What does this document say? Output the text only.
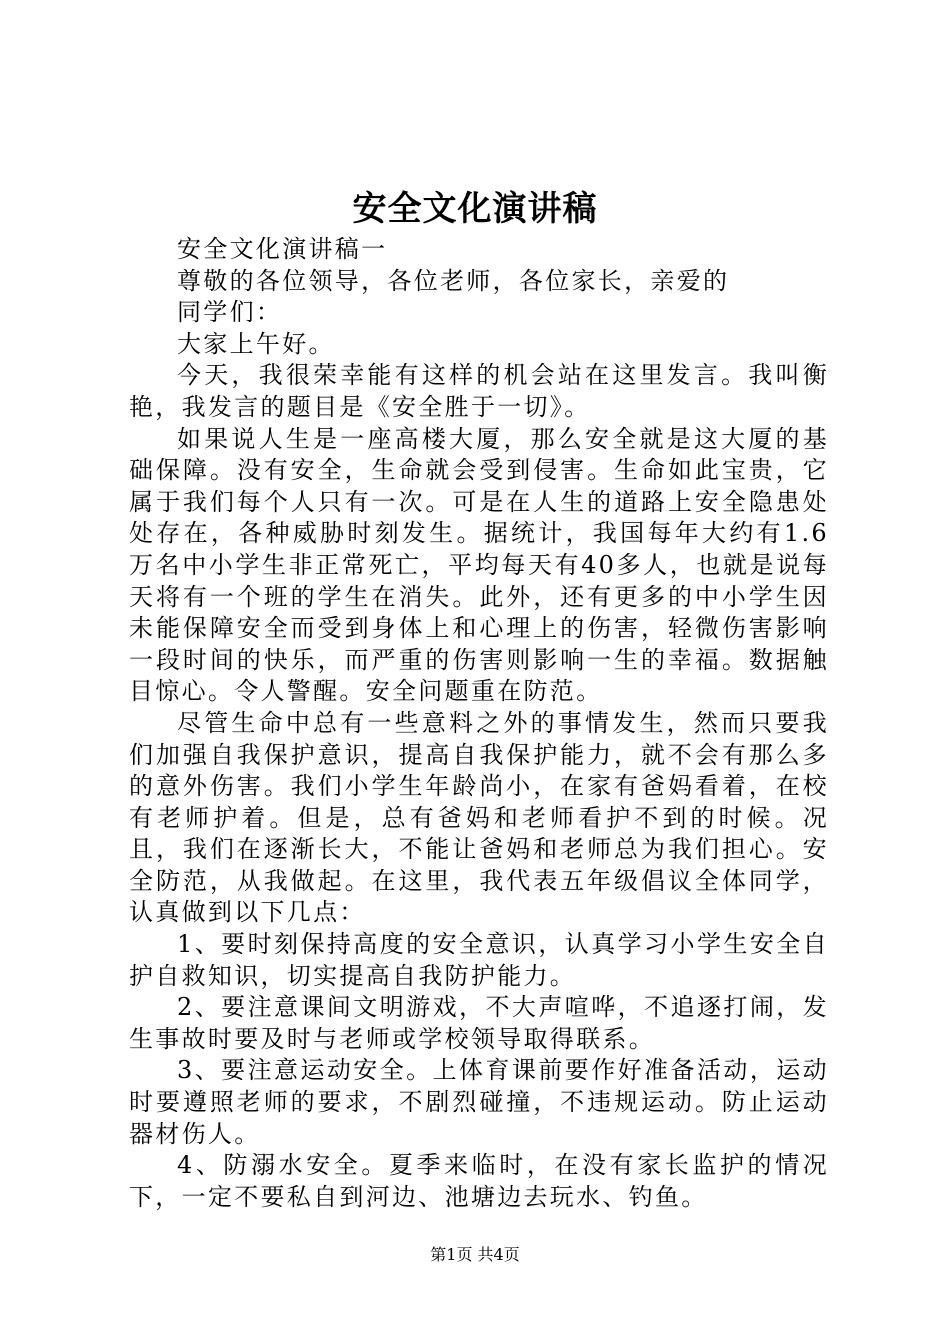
安全文化演讲稿

安全文化演讲稿一

尊敬的各位领导，各位老师，各位家长，亲爱的

同学们：

大家上午好。

今天，我很荣幸能有这样的机会站在这里发言。我叫衡艳，我发言的题目是《安全胜于一切》。

如果说人生是一座高楼大厦，那么安全就是这大厦的基础保障。没有安全，生命就会受到侵害。生命如此宝贵，它属于我们每个人只有一次。可是在人生的道路上安全隐患处处存在，各种威胁时刻发生。据统计，我国每年大约有1.6万名中小学生非正常死亡，平均每天有40多人，也就是说每天将有一个班的学生在消失。此外，还有更多的中小学生因未能保障安全而受到身体上和心理上的伤害，轻微伤害影响一段时间的快乐，而严重的伤害则影响一生的幸福。数据触目惊心。令人警醒。安全问题重在防范。

尽管生命中总有一些意料之外的事情发生，然而只要我们加强自我保护意识，提高自我保护能力，就不会有那么多的意外伤害。我们小学生年龄尚小，在家有爸妈看着，在校有老师护着。但是，总有爸妈和老师看护不到的时候。况且，我们在逐渐长大，不能让爸妈和老师总为我们担心。安全防范，从我做起。在这里，我代表五年级倡议全体同学，认真做到以下几点：

1、要时刻保持高度的安全意识，认真学习小学生安全自护自救知识，切实提高自我防护能力。

2、要注意课间文明游戏，不大声喧哗，不追逐打闹，发生事故时要及时与老师或学校领导取得联系。

3、要注意运动安全。上体育课前要作好准备活动，运动时要遵照老师的要求，不剧烈碰撞，不违规运动。防止运动器材伤人。

4、防溺水安全。夏季来临时，在没有家长监护的情况下，一定不要私自到河边、池塘边去玩水、钓鱼。

第1页 共4页
